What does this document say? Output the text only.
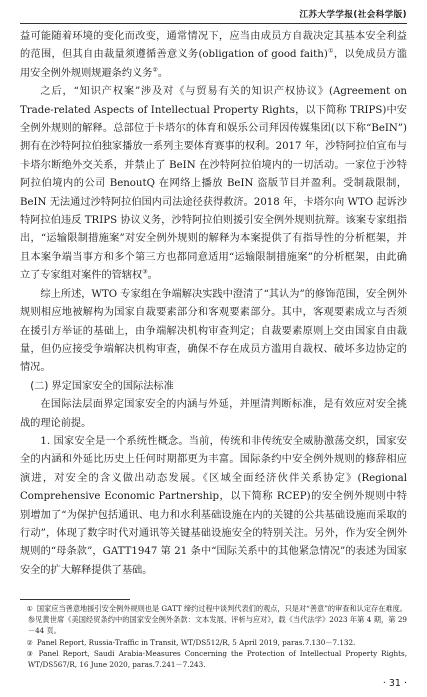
江苏大学学报(社会科学版)

益可能随着环境的变化而改变，通常情况下，应当由成员方自裁决定其基本安全利益的范围，但其自由裁量须遵循善意义务(obligation of good faith)①，以免成员方滥用安全例外规则规避条约义务②。

之后，“知识产权案”涉及对《与贸易有关的知识产权协议》(Agreement on Trade-related Aspects of Intellectual Property Rights，以下简称 TRIPS)中安全例外规则的解释。总部位于卡塔尔的体育和娱乐公司拜因传媒集团(以下称“BeIN”)拥有在沙特阿拉伯独家播放一系列主要体育赛事的权利。2017 年，沙特阿拉伯宣布与卡塔尔断绝外交关系，并禁止了 BeIN 在沙特阿拉伯境内的一切活动。一家位于沙特阿拉伯境内的公司 BenoutQ 在网络上播放 BeIN 盗版节目并盈利。受制裁限制，BeIN 无法通过沙特阿拉伯国内司法途径获得救济。2018 年，卡塔尔向 WTO 起诉沙特阿拉伯违反 TRIPS 协议义务，沙特阿拉伯则援引安全例外规则抗辩。该案专家组指出，“运输限制措施案”对安全例外规则的解释为本案提供了有指导性的分析框架，并且本案争端当事方和多个第三方也都同意适用“运输限制措施案”的分析框架，由此确立了专家组对案件的管辖权③。

综上所述，WTO 专家组在争端解决实践中澄清了“其认为”的修饰范围，安全例外规则相应地被解构为国家自裁要素部分和客观要素部分。其中，客观要素成立与否须在援引方举证的基础上，由争端解决机构审查判定；自裁要素原则上交由国家自由裁量，但仍应接受争端解决机构审查，确保不存在成员方滥用自裁权、破坏多边协定的情况。

(二) 界定国家安全的国际法标准

在国际法层面界定国家安全的内涵与外延，并厘清判断标准，是有效应对安全挑战的理论前提。

1. 国家安全是一个系统性概念。当前，传统和非传统安全威胁激荡交织，国家安全的内涵和外延比历史上任何时期都更为丰富。国际条约中安全例外规则的修辞相应演进，对安全的含义做出动态发展。《区域全面经济伙伴关系协定》(Regional Comprehensive Economic Partnership，以下简称 RCEP)的安全例外规则中特别增加了“为保护包括通讯、电力和水利基础设施在内的关键的公共基础设施而采取的行动”，体现了数字时代对通讯等关键基础设施安全的特别关注。另外，作为安全例外规则的“母条款”，GATT1947 第 21 条中“国际关系中的其他紧急情况”的表述为国家安全的扩大解释提供了基础。

① 国家应当善意地援引安全例外规则也是 GATT 缔约过程中谈判代表们的观点，只是对“善意”的审查和认定存在难度。参见黄世席《美国经贸条约中的国家安全例外条款：文本发展、评析与应对》，载《当代法学》2023 年第 4 期，第 29－44 页。

② Panel Report, Russia-Traffic in Transit, WT/DS512/R, 5 April 2019, paras.7.130－7.132.

③ Panel Report, Saudi Arabia-Measures Concerning the Protection of Intellectual Property Rights, WT/DS567/R, 16 June 2020, paras.7.241－7.243.

· 31 ·
